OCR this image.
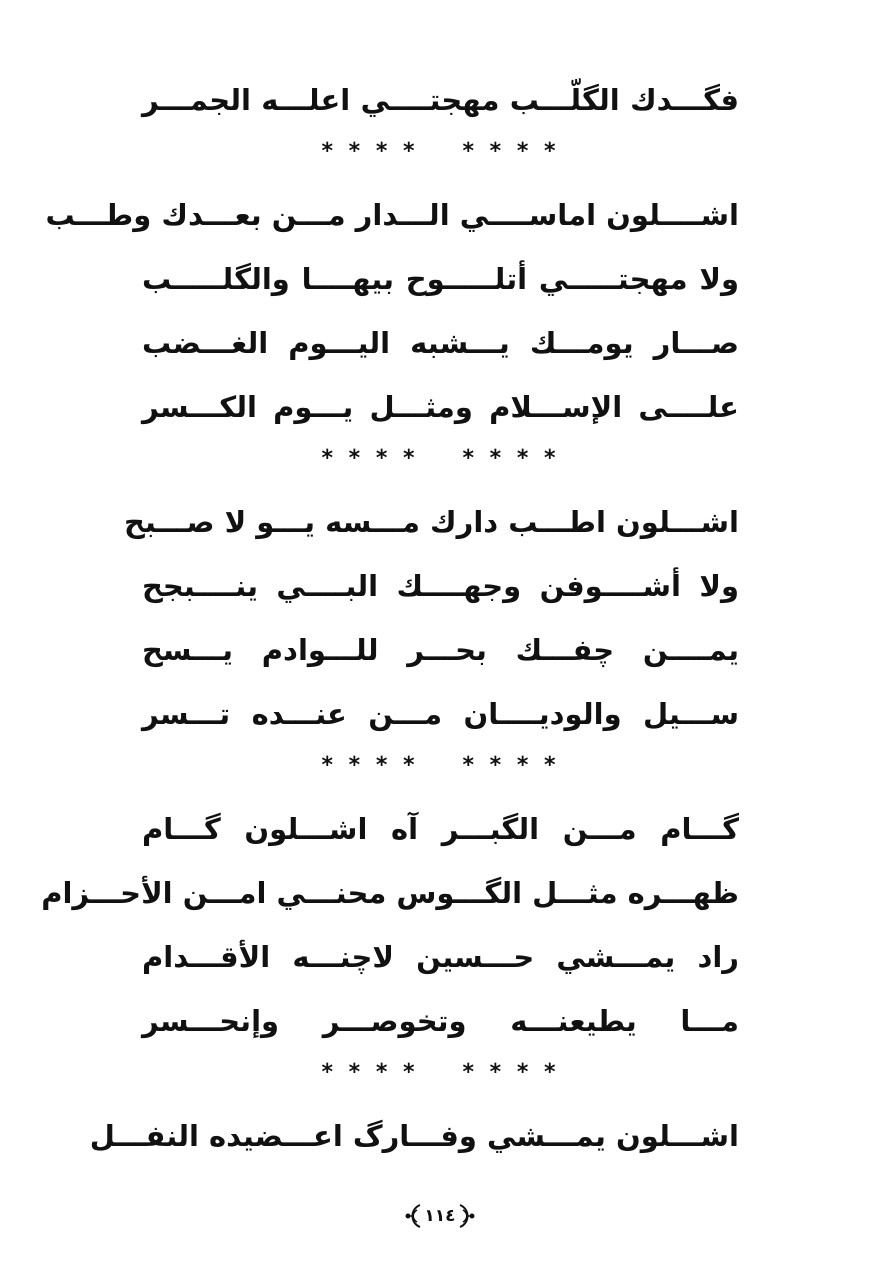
فگـــدك الگلّـــب مهجتــــي اعلـــه الجمـــر
* * * * * * * *
اشــــلون اماســــي الـــدار مـــن بعـــدك وطـــب
ولا مهجتـــــي أتلـــــوح بيهــــا والگلـــــب
صـــار يومـــك يـــشبه اليـــوم الغـــضب
علــــى الإســـلام ومثـــل يـــوم الكـــسر
* * * * * * * *
اشـــلون اطـــب دارك مـــسه يـــو لا صـــبح
ولا أشــــوفن وجهــــك البــــي ينــــبجح
يمــــن چفـــك بحـــر للـــوادم يـــسح
ســـيل والوديــــان مـــن عنـــده تـــسر
* * * * * * * *
گـــام مـــن الگبـــر آه اشـــلون گـــام
ظهـــره مثـــل الگـــوس محنـــي امـــن الأحـــزام
راد يمـــشي حـــسين لاچنـــه الأقـــدام
مـــا يطيعنـــه وتخوصـــر وإنحـــسر
* * * * * * * *
اشـــلون يمـــشي وفـــارگ اعـــضيده النفـــل
١١٤
